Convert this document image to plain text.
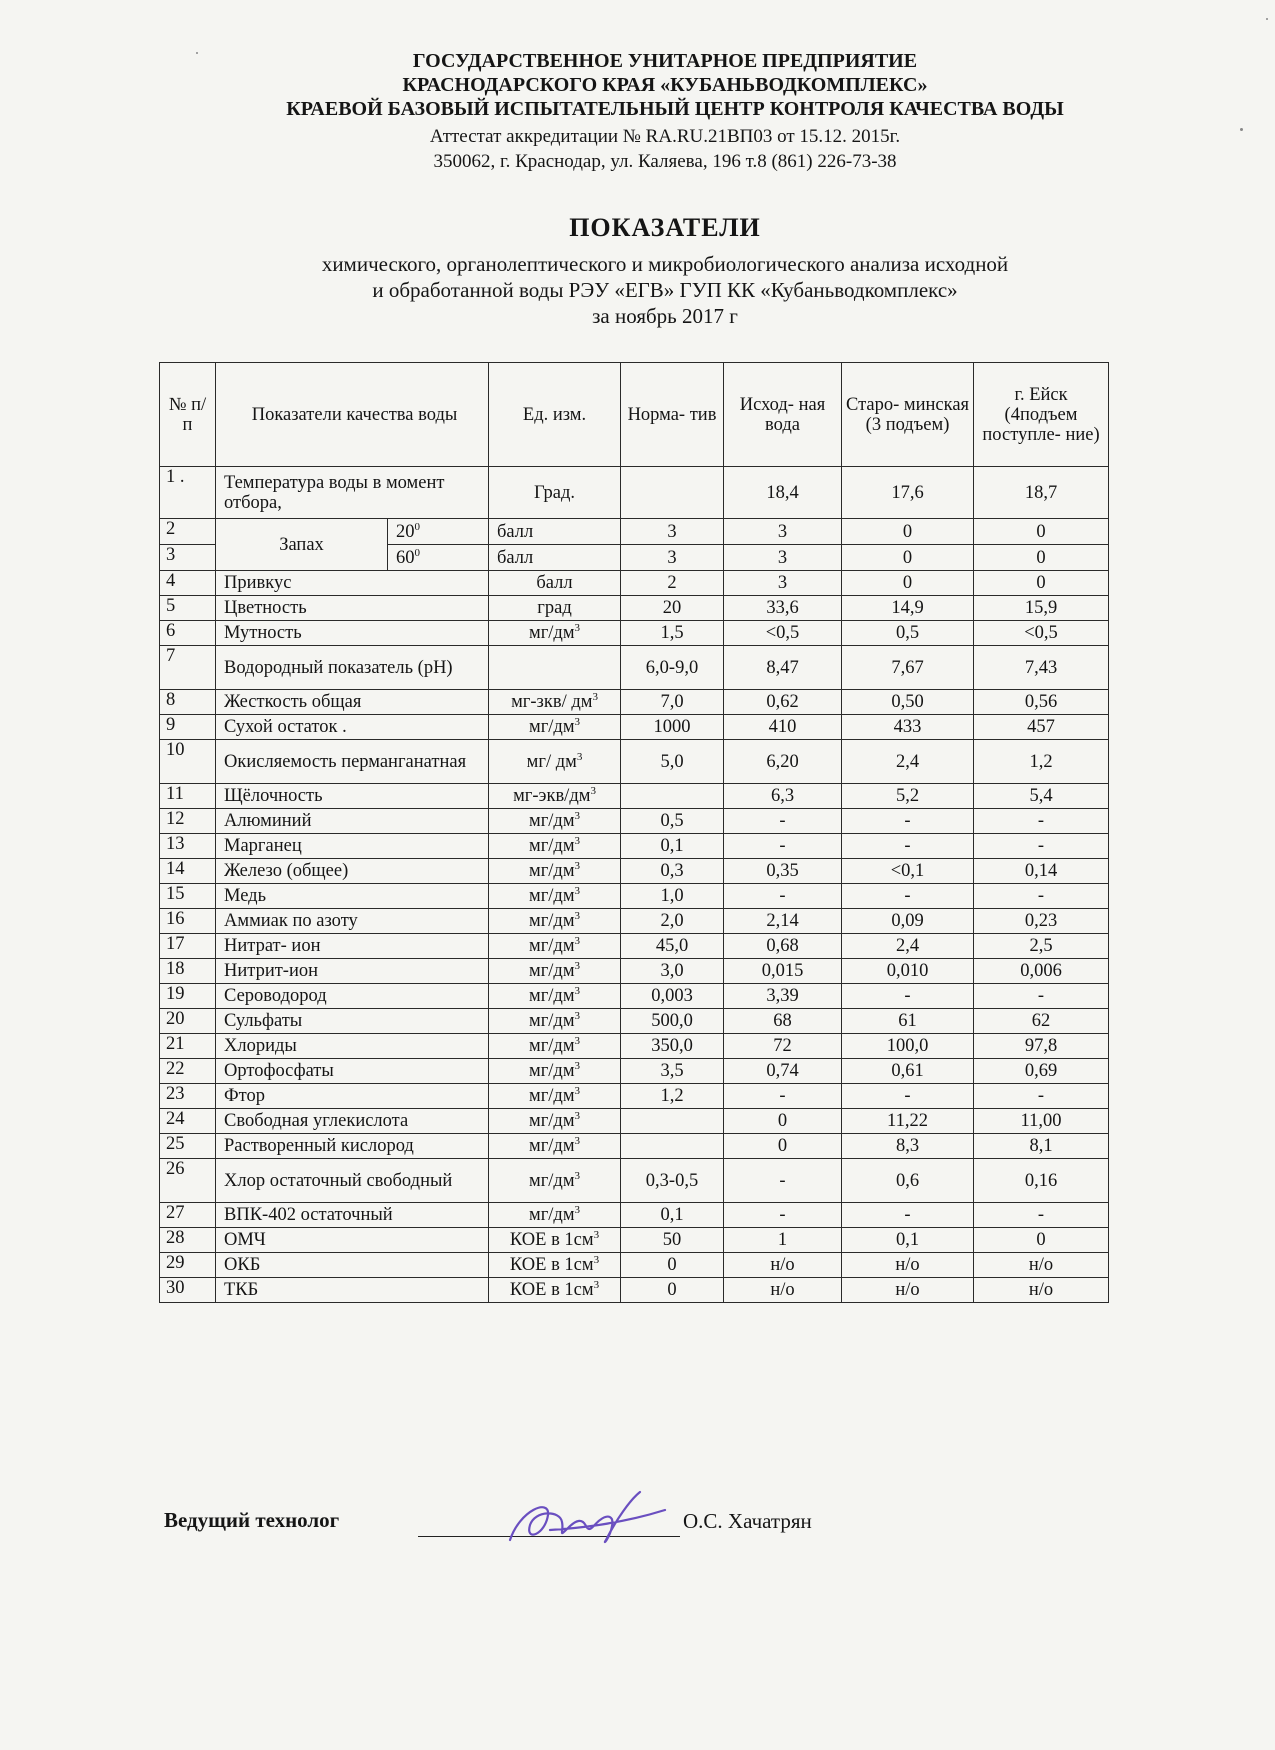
ГОСУДАРСТВЕННОЕ УНИТАРНОЕ ПРЕДПРИЯТИЕ
КРАСНОДАРСКОГО КРАЯ «КУБАНЬВОДКОМПЛЕКС»
КРАЕВОЙ БАЗОВЫЙ ИСПЫТАТЕЛЬНЫЙ ЦЕНТР КОНТРОЛЯ КАЧЕСТВА ВОДЫ
Аттестат аккредитации № RA.RU.21ВП03 от 15.12. 2015г.
350062, г. Краснодар, ул. Каляева, 196 т.8 (861) 226-73-38
ПОКАЗАТЕЛИ
химического, органолептического и микробиологического анализа исходной
и обработанной воды РЭУ «ЕГВ» ГУП КК «Кубаньводкомплекс»
за ноябрь 2017 г
№ п/ п	Показатели качества воды		Ед. изм.	Норма- тив	Исход- ная вода	Старо- минская (3 подъем)	г. Ейск (4подъем поступле- ние)
1 .	Температура воды в момент отбора,		Град.		18,4	17,6	18,7
2	Запах	$20^0$	балл	3	3	0	0
3		$60^0$	балл	3	3	0	0
4	Привкус		балл	2	3	0	0
5	Цветность		град	20	33,6	14,9	15,9
6	Мутность		$мг/дм^3$	1,5	<0,5	0,5	<0,5
7	Водородный показатель (рН)			6,0-9,0	8,47	7,67	7,43
8	Жесткость общая		мг-зкв/ $дм^3$	7,0	0,62	0,50	0,56
9	Сухой остаток .		$мг/дм^3$	1000	410	433	457
10	Окисляемость перманганатная		мг/ $дм^3$	5,0	6,20	2,4	1,2
11	Щёлочность		$мг-экв/дм^3$		6,3	5,2	5,4
12	Алюминий		$мг/дм^3$	0,5	-	-	-
13	Марганец		$мг/дм^3$	0,1	-	-	-
14	Железо (общее)		$мг/дм^3$	0,3	0,35	<0,1	0,14
15	Медь		$мг/дм^3$	1,0	-	-	-
16	Аммиак по азоту		$мг/дм^3$	2,0	2,14	0,09	0,23
17	Нитрат- ион		$мг/дм^3$	45,0	0,68	2,4	2,5
18	Нитрит-ион		$мг/дм^3$	3,0	0,015	0,010	0,006
19	Сероводород		$мг/дм^3$	0,003	3,39	-	-
20	Сульфаты		$мг/дм^3$	500,0	68	61	62
21	Хлориды		$мг/дм^3$	350,0	72	100,0	97,8
22	Ортофосфаты		$мг/дм^3$	3,5	0,74	0,61	0,69
23	Фтор		$мг/дм^3$	1,2	-	-	-
24	Свободная углекислота		$мг/дм^3$		0	11,22	11,00
25	Растворенный кислород		$мг/дм^3$		0	8,3	8,1
26	Хлор остаточный свободный		$мг/дм^3$	0,3-0,5	-	0,6	0,16
27	ВПК-402 остаточный		$мг/дм^3$	0,1	-	-	-
28	ОМЧ		КОЕ в $1см^3$	50	1	0,1	0
29	ОКБ		КОЕ в $1см^3$	0	н/о	н/о	н/о
30	ТКБ		КОЕ в $1см^3$	0	н/о	н/о	н/о
Ведущий технолог	О.С. Хачатрян
